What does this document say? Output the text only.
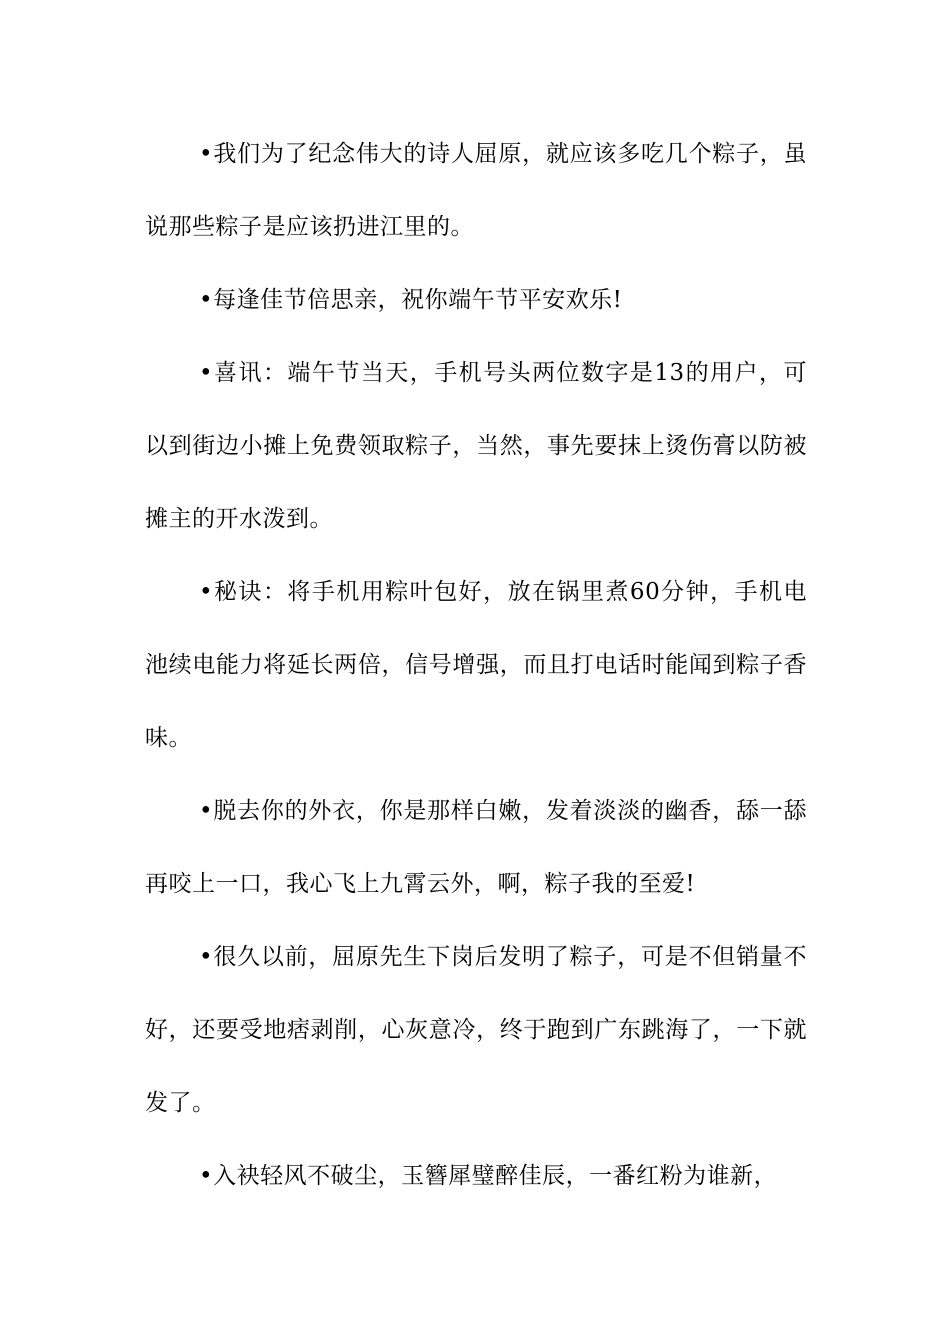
•我们为了纪念伟大的诗人屈原，就应该多吃几个粽子，虽说那些粽子是应该扔进江里的。

•每逢佳节倍思亲，祝你端午节平安欢乐!

•喜讯：端午节当天，手机号头两位数字是13的用户，可以到街边小摊上免费领取粽子，当然，事先要抹上烫伤膏以防被摊主的开水泼到。

•秘诀：将手机用粽叶包好，放在锅里煮60分钟，手机电池续电能力将延长两倍，信号增强，而且打电话时能闻到粽子香味。

•脱去你的外衣，你是那样白嫩，发着淡淡的幽香，舔一舔再咬上一口，我心飞上九霄云外，啊，粽子我的至爱!

•很久以前，屈原先生下岗后发明了粽子，可是不但销量不好，还要受地痞剥削，心灰意冷，终于跑到广东跳海了，一下就发了。

•入袂轻风不破尘，玉簪犀璧醉佳辰，一番红粉为谁新，
